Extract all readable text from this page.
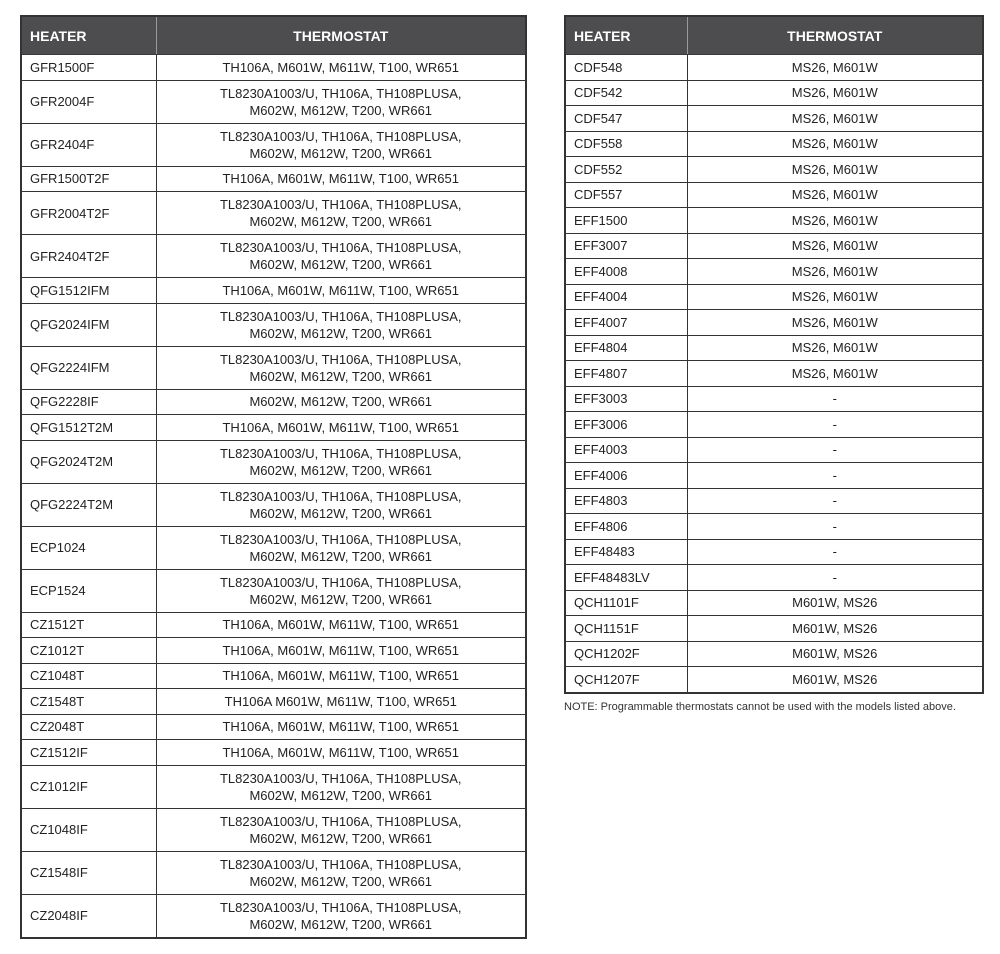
HEATER	THERMOSTAT
GFR1500F	TH106A, M601W, M611W, T100, WR651
GFR2004F	TL8230A1003/U, TH106A, TH108PLUSA,
M602W, M612W, T200, WR661
GFR2404F	TL8230A1003/U, TH106A, TH108PLUSA,
M602W, M612W, T200, WR661
GFR1500T2F	TH106A, M601W, M611W, T100, WR651
GFR2004T2F	TL8230A1003/U, TH106A, TH108PLUSA,
M602W, M612W, T200, WR661
GFR2404T2F	TL8230A1003/U, TH106A, TH108PLUSA,
M602W, M612W, T200, WR661
QFG1512IFM	TH106A, M601W, M611W, T100, WR651
QFG2024IFM	TL8230A1003/U, TH106A, TH108PLUSA,
M602W, M612W, T200, WR661
QFG2224IFM	TL8230A1003/U, TH106A, TH108PLUSA,
M602W, M612W, T200, WR661
QFG2228IF	M602W, M612W, T200, WR661
QFG1512T2M	TH106A, M601W, M611W, T100, WR651
QFG2024T2M	TL8230A1003/U, TH106A, TH108PLUSA,
M602W, M612W, T200, WR661
QFG2224T2M	TL8230A1003/U, TH106A, TH108PLUSA,
M602W, M612W, T200, WR661
ECP1024	TL8230A1003/U, TH106A, TH108PLUSA,
M602W, M612W, T200, WR661
ECP1524	TL8230A1003/U, TH106A, TH108PLUSA,
M602W, M612W, T200, WR661
CZ1512T	TH106A, M601W, M611W, T100, WR651
CZ1012T	TH106A, M601W, M611W, T100, WR651
CZ1048T	TH106A, M601W, M611W, T100, WR651
CZ1548T	TH106A M601W, M611W, T100, WR651
CZ2048T	TH106A, M601W, M611W, T100, WR651
CZ1512IF	TH106A, M601W, M611W, T100, WR651
CZ1012IF	TL8230A1003/U, TH106A, TH108PLUSA,
M602W, M612W, T200, WR661
CZ1048IF	TL8230A1003/U, TH106A, TH108PLUSA,
M602W, M612W, T200, WR661
CZ1548IF	TL8230A1003/U, TH106A, TH108PLUSA,
M602W, M612W, T200, WR661
CZ2048IF	TL8230A1003/U, TH106A, TH108PLUSA,
M602W, M612W, T200, WR661
HEATER	THERMOSTAT
CDF548	MS26, M601W
CDF542	MS26, M601W
CDF547	MS26, M601W
CDF558	MS26, M601W
CDF552	MS26, M601W
CDF557	MS26, M601W
EFF1500	MS26, M601W
EFF3007	MS26, M601W
EFF4008	MS26, M601W
EFF4004	MS26, M601W
EFF4007	MS26, M601W
EFF4804	MS26, M601W
EFF4807	MS26, M601W
EFF3003	-
EFF3006	-
EFF4003	-
EFF4006	-
EFF4803	-
EFF4806	-
EFF48483	-
EFF48483LV	-
QCH1101F	M601W, MS26
QCH1151F	M601W, MS26
QCH1202F	M601W, MS26
QCH1207F	M601W, MS26
NOTE: Programmable thermostats cannot be used with the models listed above.
